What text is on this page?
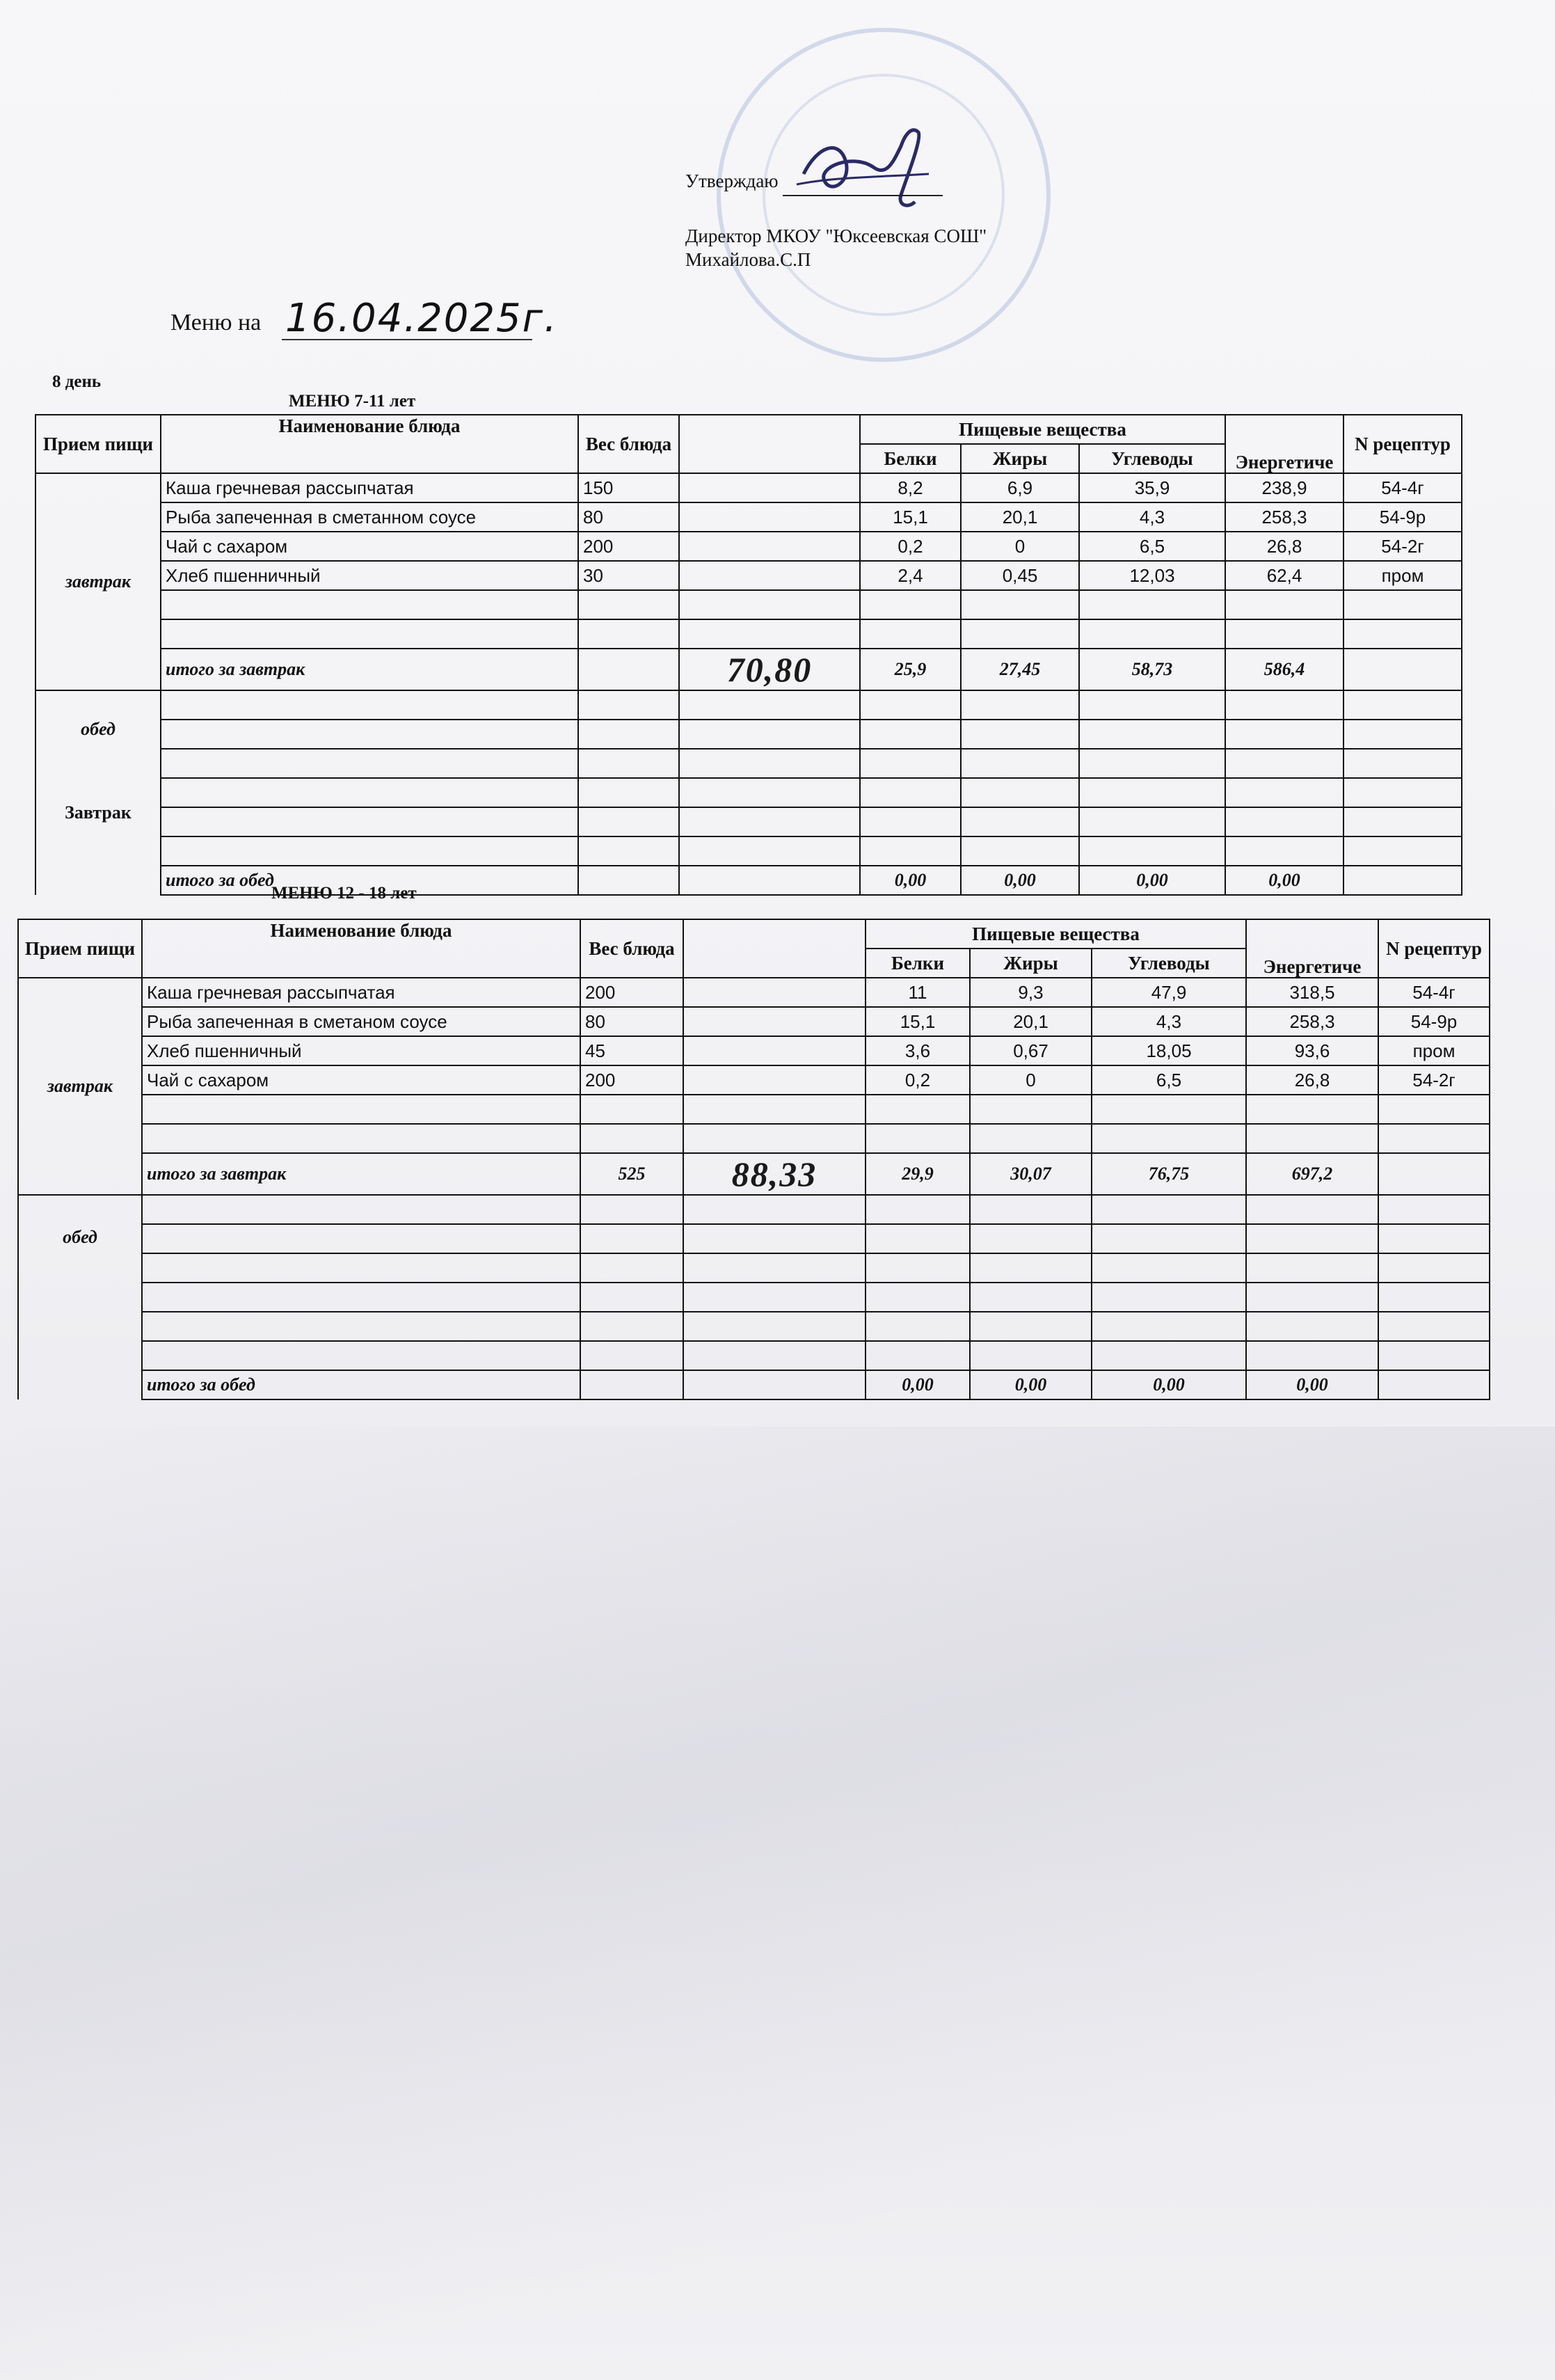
Утверждаю
Директор МКОУ "Юксеевская СОШ"
Михайлова.С.П
Меню на 16.04.2025г.
8 день
МЕНЮ 7-11 лет
Прием пищи	Наименование блюда	Вес блюда		Пищевые вещества			Энергетиче	N рецептур
				Белки	Жиры	Углеводы		
завтрак	Каша гречневая рассыпчатая	150		8,2	6,9	35,9	238,9	54-4г
	Рыба запеченная в сметанном соусе	80		15,1	20,1	4,3	258,3	54-9р
	Чай с сахаром	200		0,2	0	6,5	26,8	54-2г
	Хлеб пшенничный	30		2,4	0,45	12,03	62,4	пром

	итого за завтрак		70,80	25,9	27,45	58,73	586,4	

обед
Завтрак								

	итого за обед			0,00	0,00	0,00	0,00	
МЕНЮ 12 - 18 лет
Прием пищи	Наименование блюда	Вес блюда		Пищевые вещества			Энергетиче	N рецептур
				Белки	Жиры	Углеводы		
завтрак	Каша гречневая рассыпчатая	200		11	9,3	47,9	318,5	54-4г
	Рыба запеченная в сметаном соусе	80		15,1	20,1	4,3	258,3	54-9р
	Хлеб пшенничный	45		3,6	0,67	18,05	93,6	пром
	Чай с сахаром	200		0,2	0	6,5	26,8	54-2г

	итого за завтрак	525	88,33	29,9	30,07	76,75	697,2	
обед								

	итого за обед			0,00	0,00	0,00	0,00	
